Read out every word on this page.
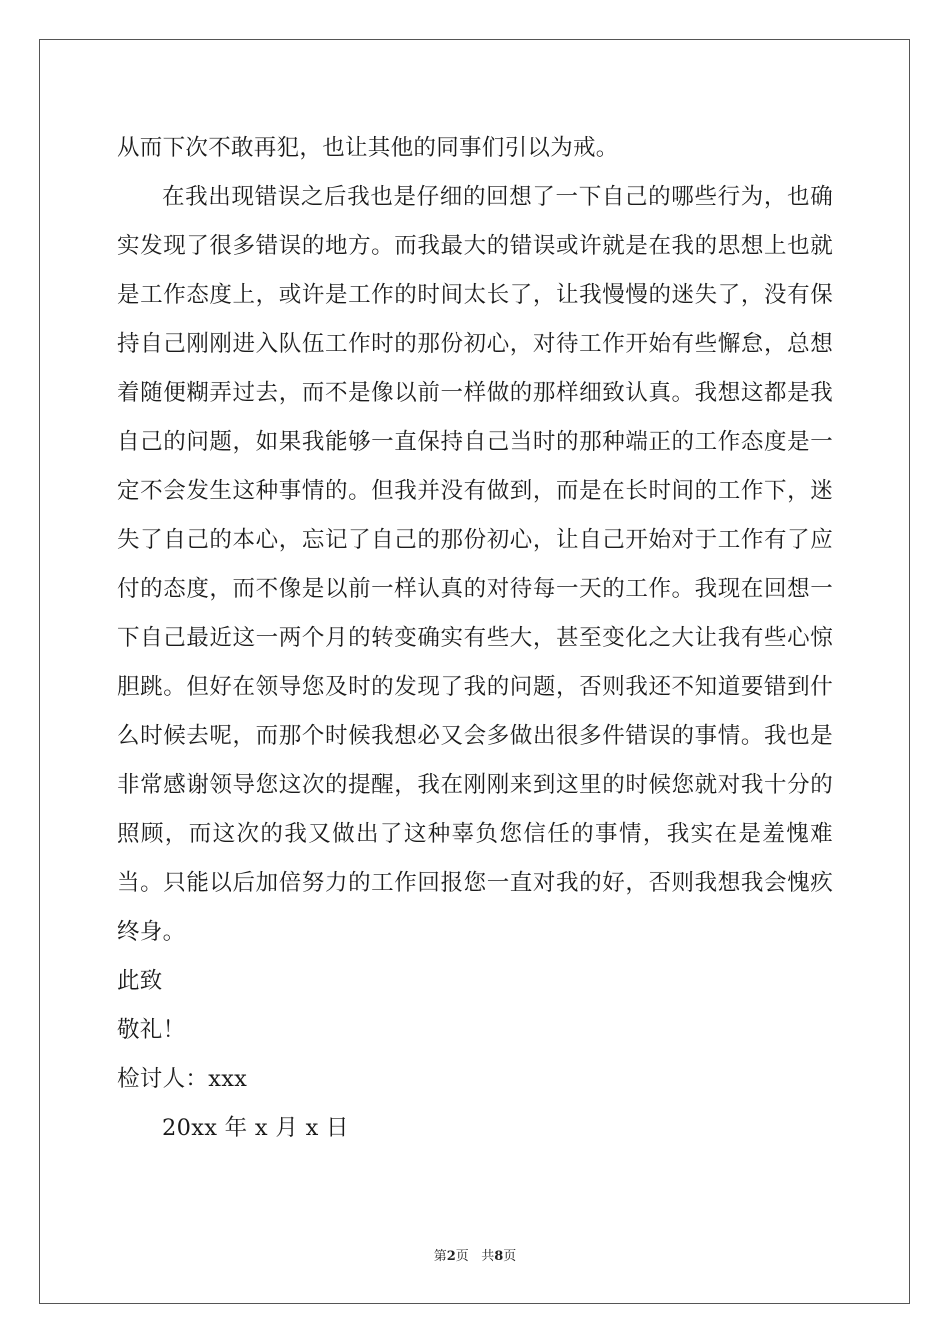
从而下次不敢再犯，也让其他的同事们引以为戒。

在我出现错误之后我也是仔细的回想了一下自己的哪些行为，也确实发现了很多错误的地方。而我最大的错误或许就是在我的思想上也就是工作态度上，或许是工作的时间太长了，让我慢慢的迷失了，没有保持自己刚刚进入队伍工作时的那份初心，对待工作开始有些懈怠，总想着随便糊弄过去，而不是像以前一样做的那样细致认真。我想这都是我自己的问题，如果我能够一直保持自己当时的那种端正的工作态度是一定不会发生这种事情的。但我并没有做到，而是在长时间的工作下，迷失了自己的本心，忘记了自己的那份初心，让自己开始对于工作有了应付的态度，而不像是以前一样认真的对待每一天的工作。我现在回想一下自己最近这一两个月的转变确实有些大，甚至变化之大让我有些心惊胆跳。但好在领导您及时的发现了我的问题，否则我还不知道要错到什么时候去呢，而那个时候我想必又会多做出很多件错误的事情。我也是非常感谢领导您这次的提醒，我在刚刚来到这里的时候您就对我十分的照顾，而这次的我又做出了这种辜负您信任的事情，我实在是羞愧难当。只能以后加倍努力的工作回报您一直对我的好，否则我想我会愧疚终身。

此致

敬礼！

检讨人：xxx

20xx 年 x 月 x 日

第2页 共8页
